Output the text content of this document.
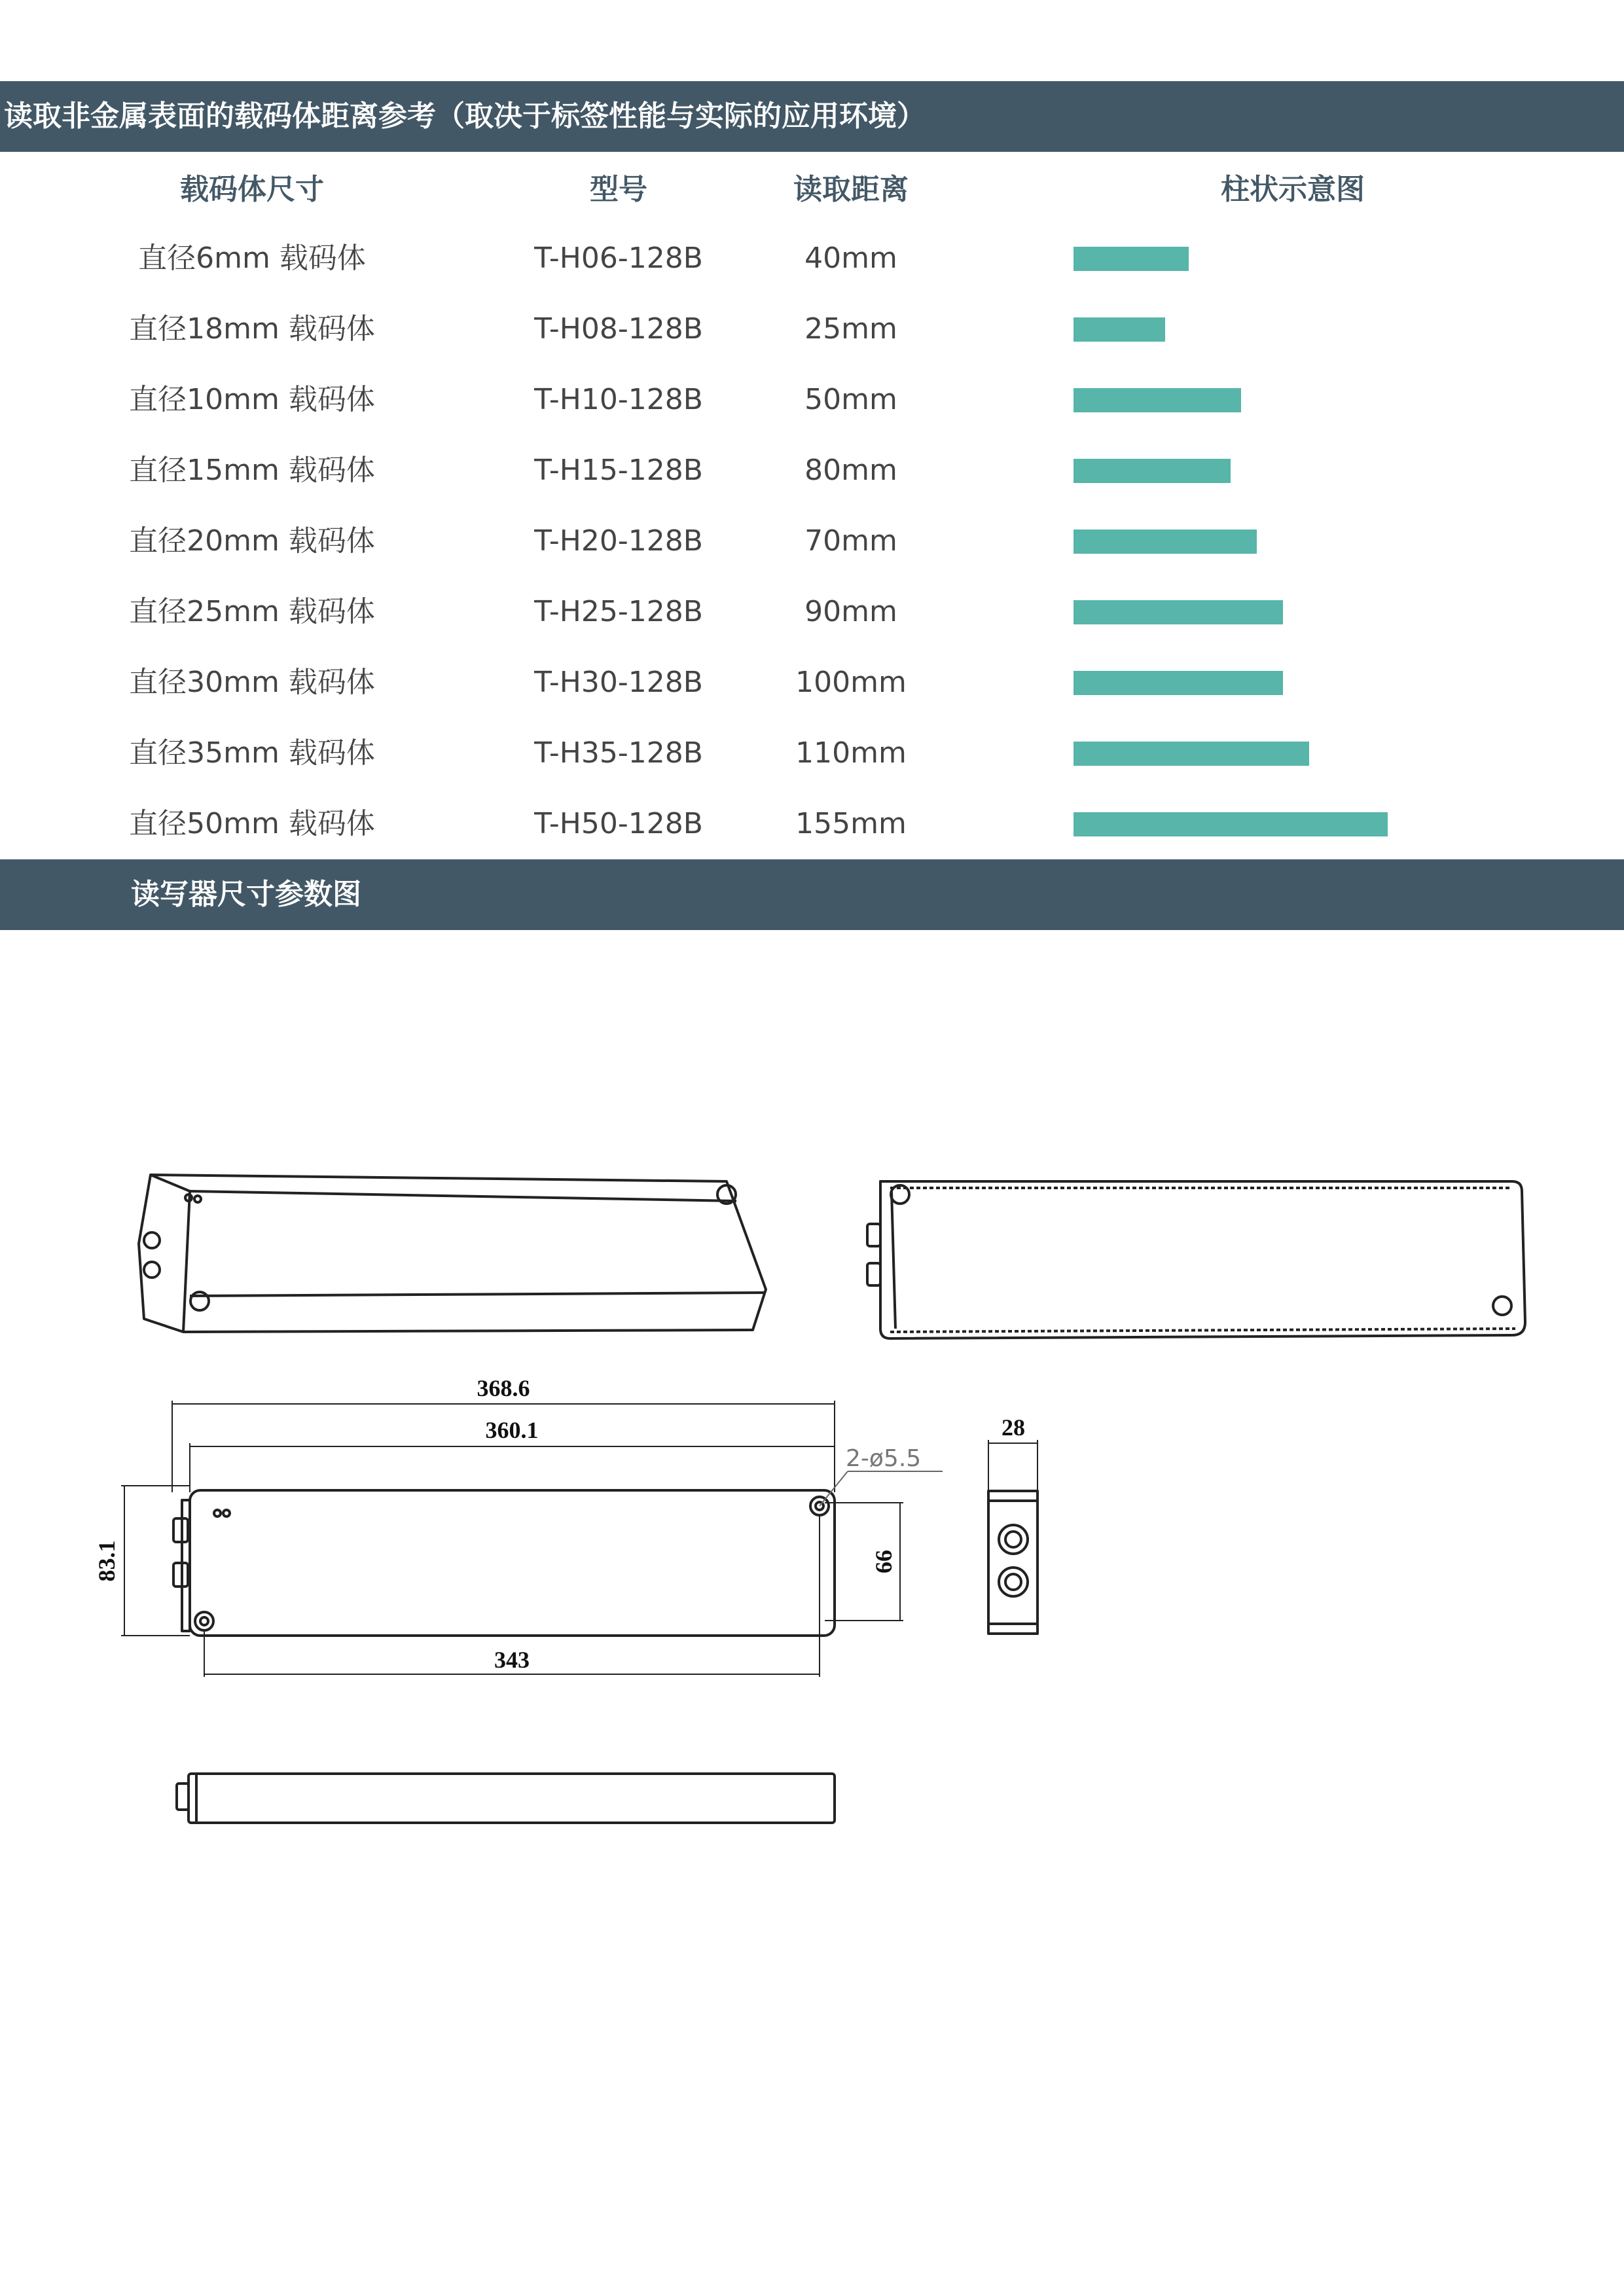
读取非金属表面的载码体距离参考（取决于标签性能与实际的应用环境）
载码体尺寸	型号	读取距离	柱状示意图
直径6mm 载码体	T-H06-128B	40mm
直径18mm 载码体	T-H08-128B	25mm
直径10mm 载码体	T-H10-128B	50mm
直径15mm 载码体	T-H15-128B	80mm
直径20mm 载码体	T-H20-128B	70mm
直径25mm 载码体	T-H25-128B	90mm
直径30mm 载码体	T-H30-128B	100mm
直径35mm 载码体	T-H35-128B	110mm
直径50mm 载码体	T-H50-128B	155mm
读写器尺寸参数图
368.6
360.1
343
28
83.1	66
2-ø5.5
